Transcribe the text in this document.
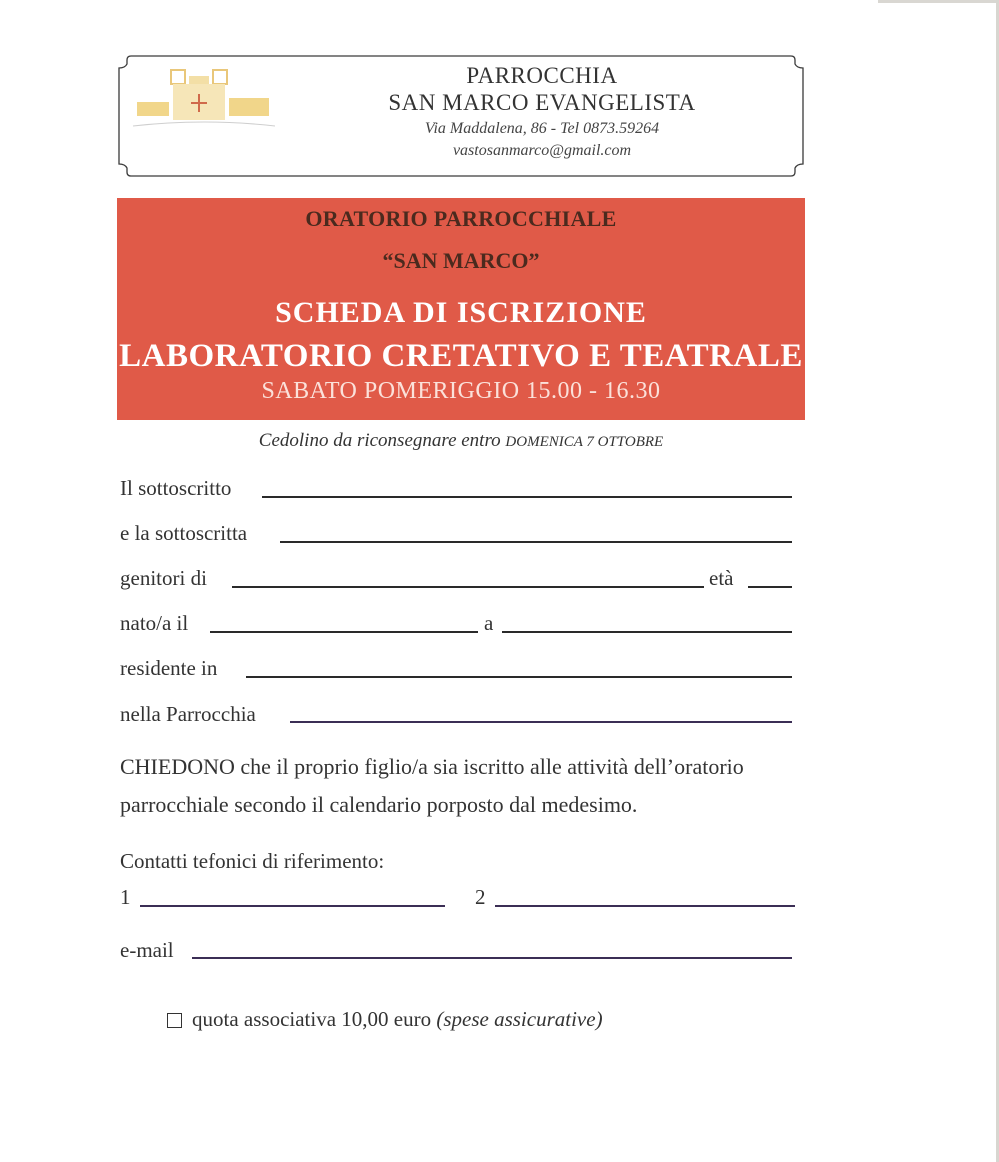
PARROCCHIA
SAN MARCO EVANGELISTA
Via Maddalena, 86 - Tel 0873.59264
vastosanmarco@gmail.com
ORATORIO PARROCCHIALE
“SAN MARCO”
SCHEDA DI ISCRIZIONE
LABORATORIO CRETATIVO E TEATRALE
SABATO POMERIGGIO 15.00 - 16.30
Cedolino da riconsegnare entro DOMENICA 7 OTTOBRE
Il sottoscritto
e la sottoscritta
genitori di	età
nato/a il	a
residente in
nella Parrocchia
CHIEDONO che il proprio figlio/a sia iscritto alle attività dell’oratorio parrocchiale secondo il calendario porposto dal medesimo.
Contatti tefonici di riferimento:
1	2
e-mail
quota associativa 10,00 euro (spese assicurative)
